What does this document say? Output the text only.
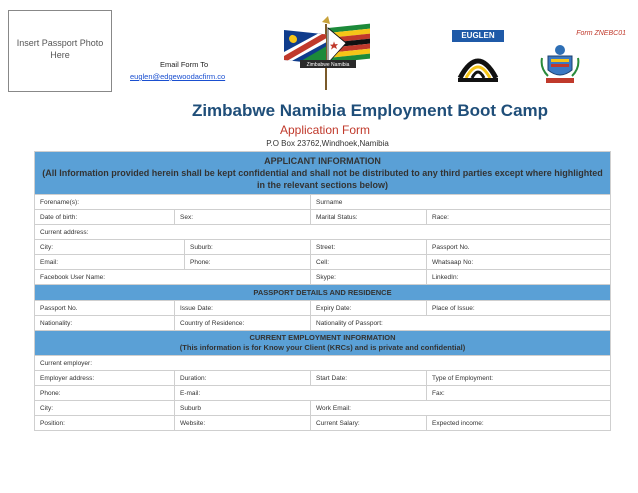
Insert Passport Photo
Here
Form ZNEBC01
Email Form To
euglen@edgewoodacfirm.co
Zimbabwe Namibia
EUGLEN
Zimbabwe Namibia Employment Boot Camp
Application Form
P.O Box 23762,Windhoek,Namibia
APPLICANT INFORMATION
(All Information provided herein shall be kept confidential and shall not be distributed to any third parties except where highlighted in the relevant sections below)				

Forename(s):			Surname	
Date of birth:	Sex:		Marital Status:	Race:
Current address:				
City:		Suburb:	Street:	Passport No.
Email:		Phone:	Cell:	Whatsaap No:
Facebook User Name:			Skype:	LinkedIn:
PASSPORT DETAILS AND RESIDENCE				
Passport No.	Issue Date:		Expiry Date:	Place of Issue:
Nationality:	Country of Residence:		Nationality of Passport:	

CURRENT EMPLOYMENT INFORMATION
(This information is for Know your Client (KRCs) and is private and confidential)				

Current employer:				
Employer address:	Duration:		Start Date:	Type of Employment:
Phone:	E-mail:			Fax:
City:	Suburb		Work Email:	
Position:	Website:		Current Salary:	Expected income:
